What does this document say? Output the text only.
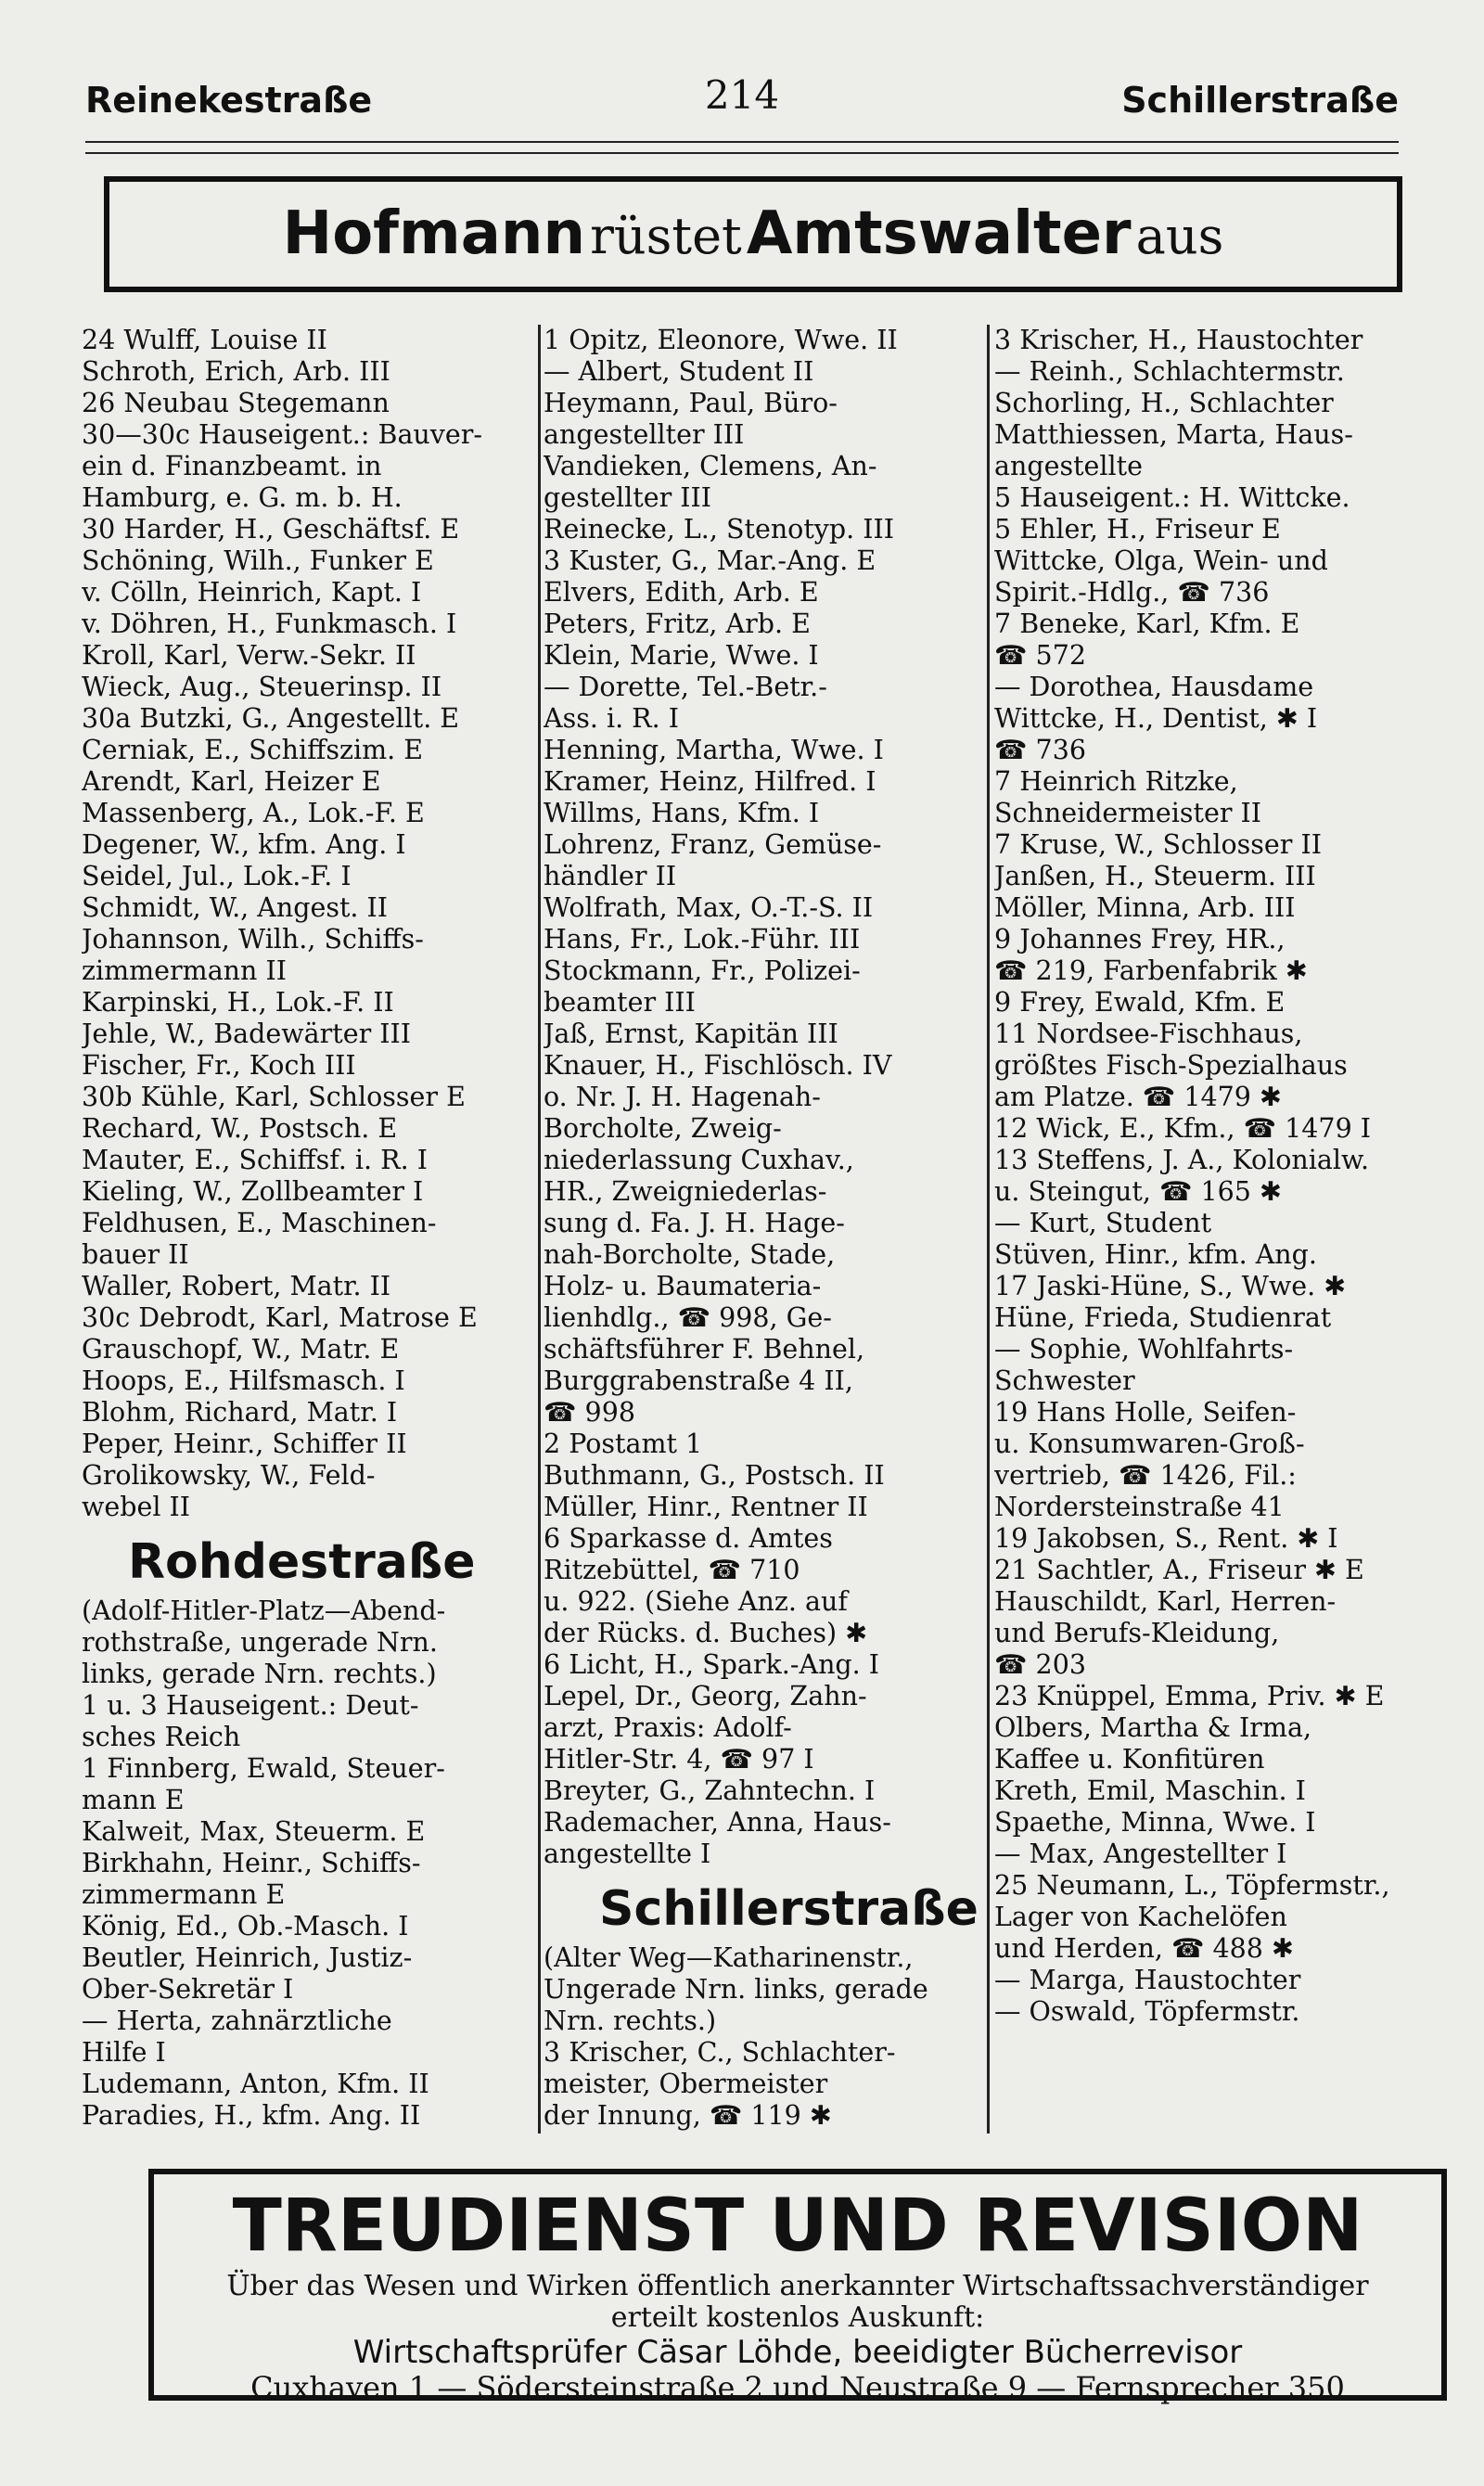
Reinekestraße	214	Schillerstraße
Hofmann rüstet Amtswalter aus
24 Wulff, Louise II
Schroth, Erich, Arb. III
26 Neubau Stegemann
30—30c Hauseigent.: Bauver-
ein d. Finanzbeamt. in
Hamburg, e. G. m. b. H.
30 Harder, H., Geschäftsf. E
Schöning, Wilh., Funker E
v. Cölln, Heinrich, Kapt. I
v. Döhren, H., Funkmasch. I
Kroll, Karl, Verw.-Sekr. II
Wieck, Aug., Steuerinsp. II
30a Butzki, G., Angestellt. E
Cerniak, E., Schiffszim. E
Arendt, Karl, Heizer E
Massenberg, A., Lok.-F. E
Degener, W., kfm. Ang. I
Seidel, Jul., Lok.-F. I
Schmidt, W., Angest. II
Johannson, Wilh., Schiffs-
zimmermann II
Karpinski, H., Lok.-F. II
Jehle, W., Badewärter III
Fischer, Fr., Koch III
30b Kühle, Karl, Schlosser E
Rechard, W., Postsch. E
Mauter, E., Schiffsf. i. R. I
Kieling, W., Zollbeamter I
Feldhusen, E., Maschinen-
bauer II
Waller, Robert, Matr. II
30c Debrodt, Karl, Matrose E
Grauschopf, W., Matr. E
Hoops, E., Hilfsmasch. I
Blohm, Richard, Matr. I
Peper, Heinr., Schiffer II
Grolikowsky, W., Feld-
webel II
Rohdestraße
(Adolf-Hitler-Platz—Abend-
rothstraße, ungerade Nrn.
links, gerade Nrn. rechts.)
1 u. 3 Hauseigent.: Deut-
sches Reich
1 Finnberg, Ewald, Steuer-
mann E
Kalweit, Max, Steuerm. E
Birkhahn, Heinr., Schiffs-
zimmermann E
König, Ed., Ob.-Masch. I
Beutler, Heinrich, Justiz-
Ober-Sekretär I
— Herta, zahnärztliche
Hilfe I
Ludemann, Anton, Kfm. II
Paradies, H., kfm. Ang. II
1 Opitz, Eleonore, Wwe. II
— Albert, Student II
Heymann, Paul, Büro-
angestellter III
Vandieken, Clemens, An-
gestellter III
Reinecke, L., Stenotyp. III
3 Kuster, G., Mar.-Ang. E
Elvers, Edith, Arb. E
Peters, Fritz, Arb. E
Klein, Marie, Wwe. I
— Dorette, Tel.-Betr.-
Ass. i. R. I
Henning, Martha, Wwe. I
Kramer, Heinz, Hilfred. I
Willms, Hans, Kfm. I
Lohrenz, Franz, Gemüse-
händler II
Wolfrath, Max, O.-T.-S. II
Hans, Fr., Lok.-Führ. III
Stockmann, Fr., Polizei-
beamter III
Jaß, Ernst, Kapitän III
Knauer, H., Fischlösch. IV
o. Nr. J. H. Hagenah-
Borcholte, Zweig-
niederlassung Cuxhav.,
HR., Zweigniederlas-
sung d. Fa. J. H. Hage-
nah-Borcholte, Stade,
Holz- u. Baumateria-
lienhdlg., ☎ 998, Ge-
schäftsführer F. Behnel,
Burggrabenstraße 4 II,
☎ 998
2 Postamt 1
Buthmann, G., Postsch. II
Müller, Hinr., Rentner II
6 Sparkasse d. Amtes
Ritzebüttel, ☎ 710
u. 922. (Siehe Anz. auf
der Rücks. d. Buches) ✱
6 Licht, H., Spark.-Ang. I
Lepel, Dr., Georg, Zahn-
arzt, Praxis: Adolf-
Hitler-Str. 4, ☎ 97 I
Breyter, G., Zahntechn. I
Rademacher, Anna, Haus-
angestellte I
Schillerstraße
(Alter Weg—Katharinenstr.,
Ungerade Nrn. links, gerade
Nrn. rechts.)
3 Krischer, C., Schlachter-
meister, Obermeister
der Innung, ☎ 119 ✱
3 Krischer, H., Haustochter
— Reinh., Schlachtermstr.
Schorling, H., Schlachter
Matthiessen, Marta, Haus-
angestellte
5 Hauseigent.: H. Wittcke.
5 Ehler, H., Friseur E
Wittcke, Olga, Wein- und
Spirit.-Hdlg., ☎ 736
7 Beneke, Karl, Kfm. E
☎ 572
— Dorothea, Hausdame
Wittcke, H., Dentist, ✱ I
☎ 736
7 Heinrich Ritzke,
Schneidermeister II
7 Kruse, W., Schlosser II
Janßen, H., Steuerm. III
Möller, Minna, Arb. III
9 Johannes Frey, HR.,
☎ 219, Farbenfabrik ✱
9 Frey, Ewald, Kfm. E
11 Nordsee-Fischhaus,
größtes Fisch-Spezialhaus
am Platze. ☎ 1479 ✱
12 Wick, E., Kfm., ☎ 1479 I
13 Steffens, J. A., Kolonialw.
u. Steingut, ☎ 165 ✱
— Kurt, Student
Stüven, Hinr., kfm. Ang.
17 Jaski-Hüne, S., Wwe. ✱
Hüne, Frieda, Studienrat
— Sophie, Wohlfahrts-
Schwester
19 Hans Holle, Seifen-
u. Konsumwaren-Groß-
vertrieb, ☎ 1426, Fil.:
Nordersteinstraße 41
19 Jakobsen, S., Rent. ✱ I
21 Sachtler, A., Friseur ✱ E
Hauschildt, Karl, Herren-
und Berufs-Kleidung,
☎ 203
23 Knüppel, Emma, Priv. ✱ E
Olbers, Martha & Irma,
Kaffee u. Konfitüren
Kreth, Emil, Maschin. I
Spaethe, Minna, Wwe. I
— Max, Angestellter I
25 Neumann, L., Töpfermstr.,
Lager von Kachelöfen
und Herden, ☎ 488 ✱
— Marga, Haustochter
— Oswald, Töpfermstr.
TREUDIENST UND REVISION
Über das Wesen und Wirken öffentlich anerkannter Wirtschaftssachverständiger
erteilt kostenlos Auskunft:
Wirtschaftsprüfer Cäsar Löhde, beeidigter Bücherrevisor
Cuxhaven 1 — Södersteinstraße 2 und Neustraße 9 — Fernsprecher 350
